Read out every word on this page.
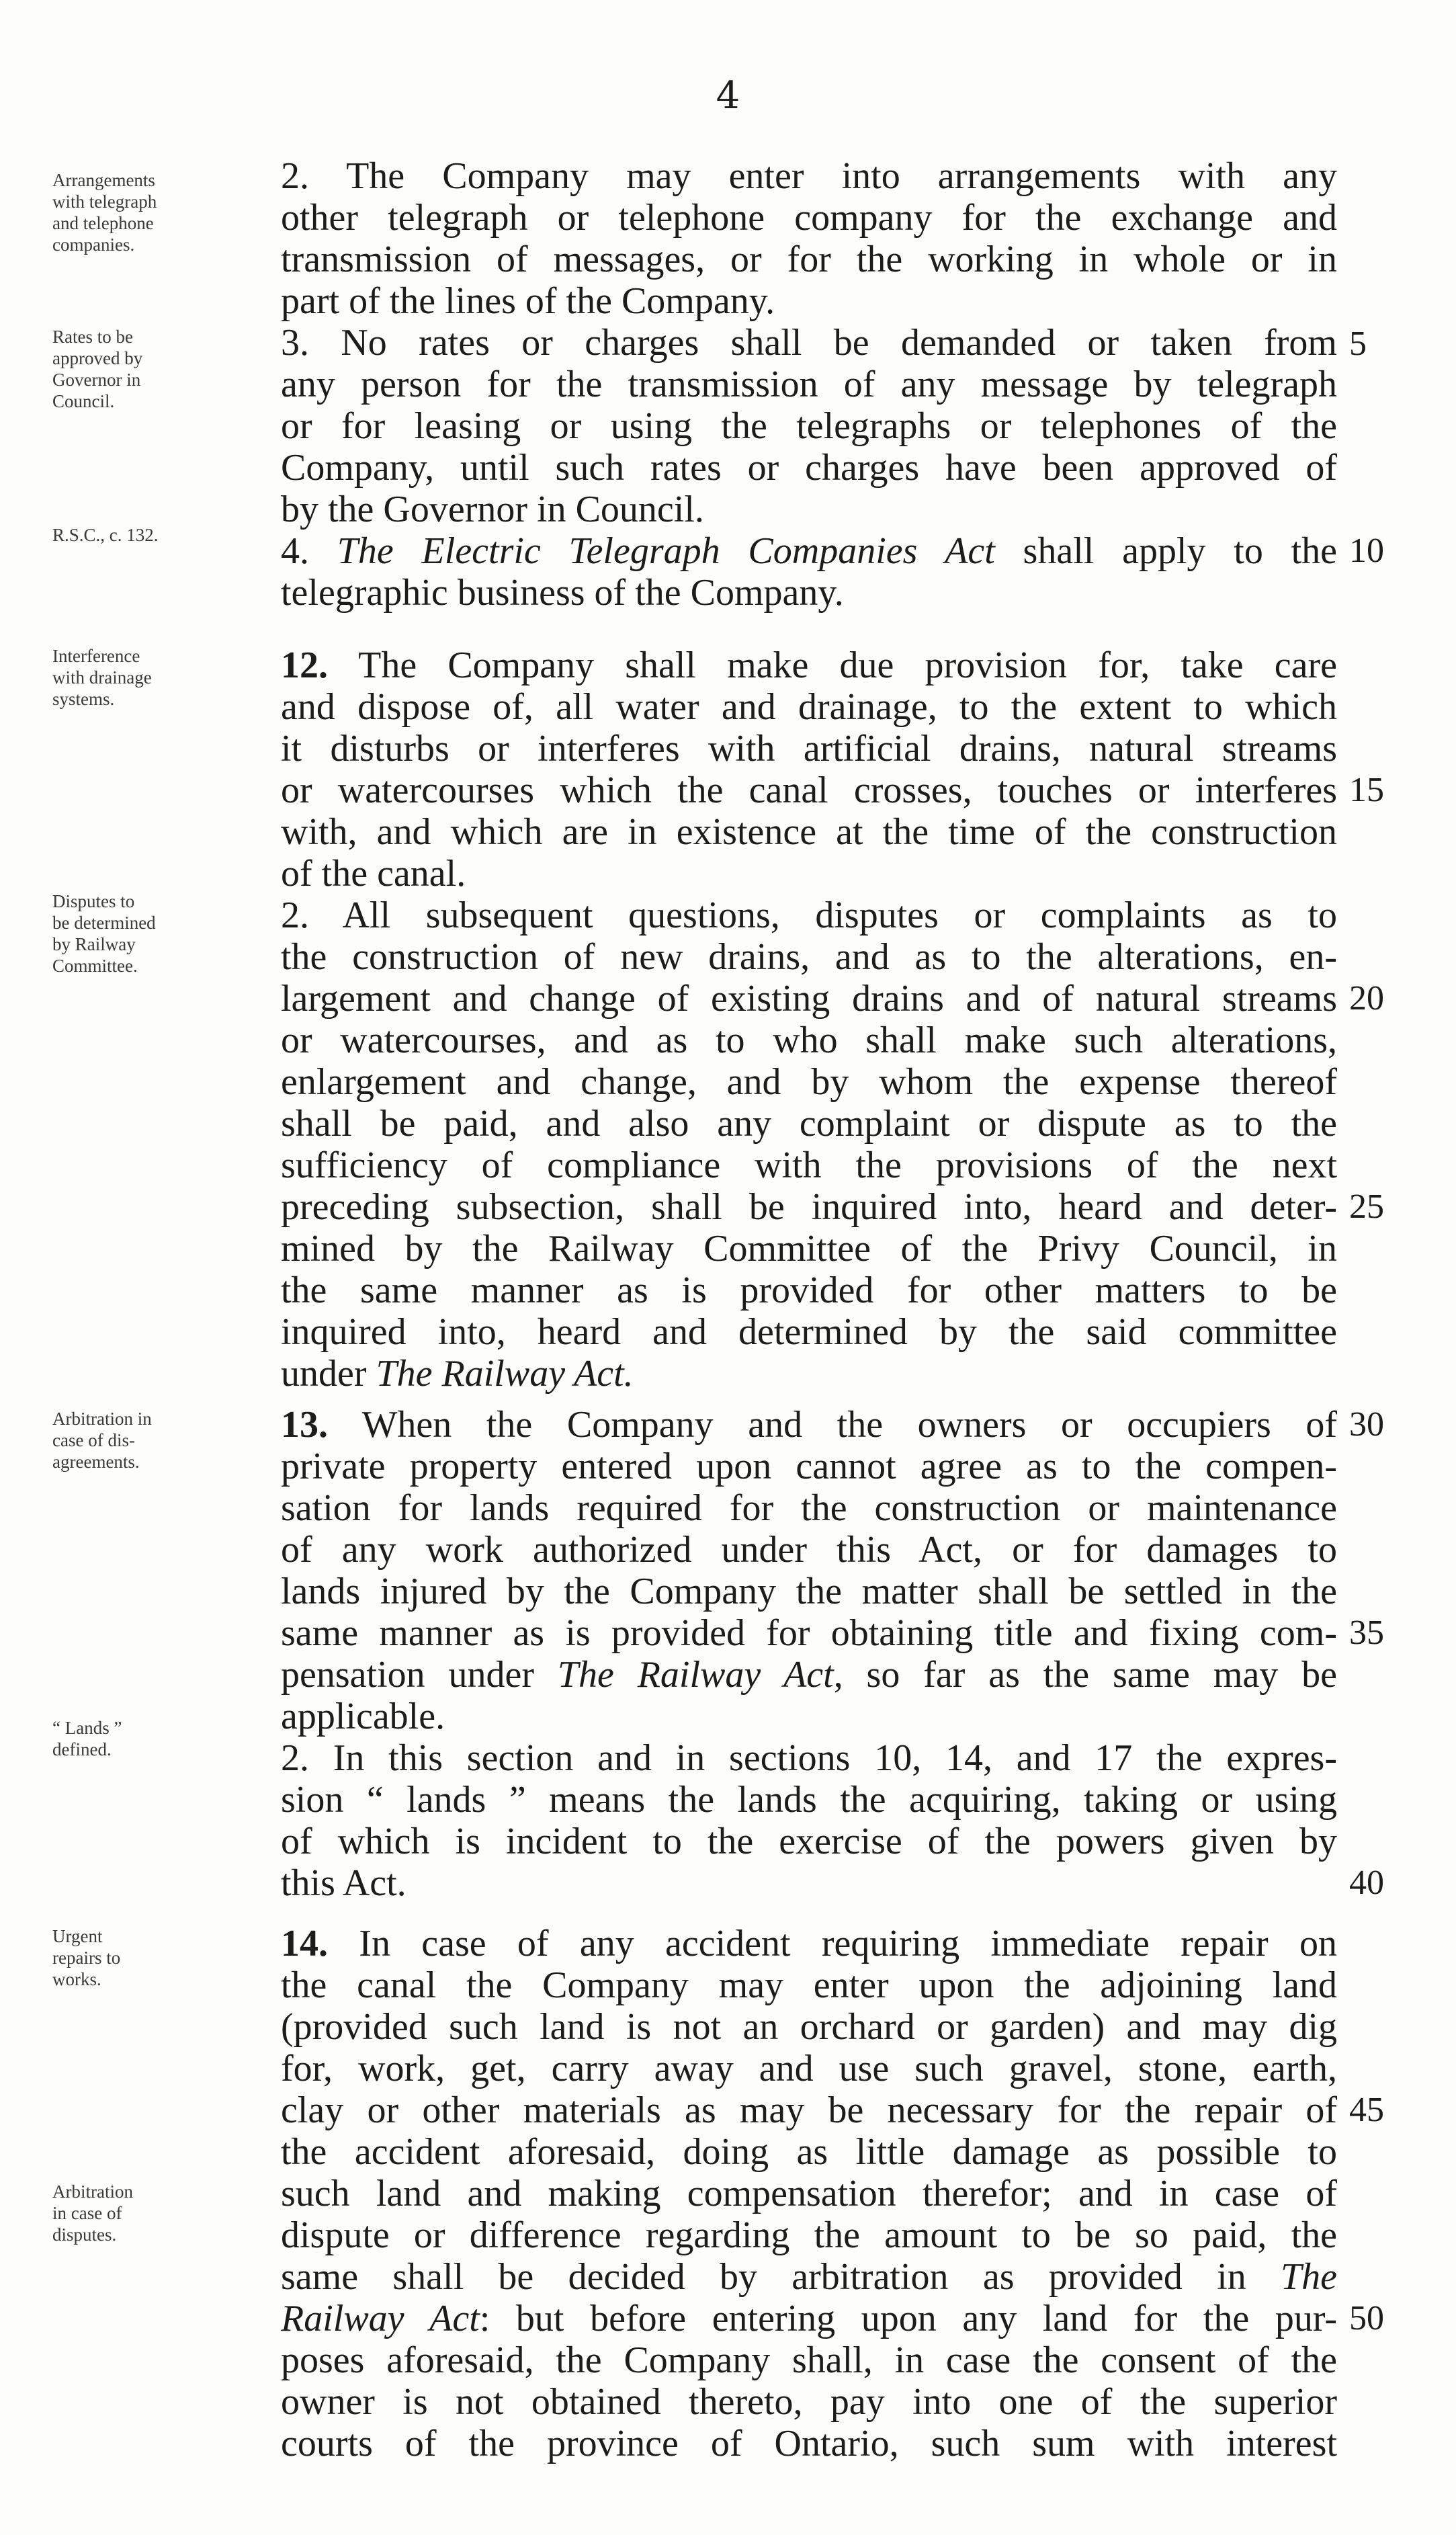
4
Arrangements
with telegraph
and telephone
companies.
Rates to be
approved by
Governor in
Council.
R.S.C., c. 132.
Interference
with drainage
systems.
Disputes to
be determined
by Railway
Committee.
Arbitration in
case of dis-
agreements.
“ Lands ”
defined.
Urgent
repairs to
works.
Arbitration
in case of
disputes.
2. The Company may enter into arrangements with any
other telegraph or telephone company for the exchange and
transmission of messages, or for the working in whole or in
part of the lines of the Company.
3. No rates or charges shall be demanded or taken from
any person for the transmission of any message by telegraph
or for leasing or using the telegraphs or telephones of the
Company, until such rates or charges have been approved of
by the Governor in Council.
4. The Electric Telegraph Companies Act shall apply to the
telegraphic business of the Company.
12. The Company shall make due provision for, take care
and dispose of, all water and drainage, to the extent to which
it disturbs or interferes with artificial drains, natural streams
or watercourses which the canal crosses, touches or interferes
with, and which are in existence at the time of the construction
of the canal.
2. All subsequent questions, disputes or complaints as to
the construction of new drains, and as to the alterations, en-
largement and change of existing drains and of natural streams
or watercourses, and as to who shall make such alterations,
enlargement and change, and by whom the expense thereof
shall be paid, and also any complaint or dispute as to the
sufficiency of compliance with the provisions of the next
preceding subsection, shall be inquired into, heard and deter-
mined by the Railway Committee of the Privy Council, in
the same manner as is provided for other matters to be
inquired into, heard and determined by the said committee
under The Railway Act.
13. When the Company and the owners or occupiers of
private property entered upon cannot agree as to the compen-
sation for lands required for the construction or maintenance
of any work authorized under this Act, or for damages to
lands injured by the Company the matter shall be settled in the
same manner as is provided for obtaining title and fixing com-
pensation under The Railway Act, so far as the same may be
applicable.
2. In this section and in sections 10, 14, and 17 the expres-
sion “ lands ” means the lands the acquiring, taking or using
of which is incident to the exercise of the powers given by
this Act.
14. In case of any accident requiring immediate repair on
the canal the Company may enter upon the adjoining land
(provided such land is not an orchard or garden) and may dig
for, work, get, carry away and use such gravel, stone, earth,
clay or other materials as may be necessary for the repair of
the accident aforesaid, doing as little damage as possible to
such land and making compensation therefor; and in case of
dispute or difference regarding the amount to be so paid, the
same shall be decided by arbitration as provided in The
Railway Act: but before entering upon any land for the pur-
poses aforesaid, the Company shall, in case the consent of the
owner is not obtained thereto, pay into one of the superior
courts of the province of Ontario, such sum with interest
5
10
15
20
25
30
35
40
45
50
